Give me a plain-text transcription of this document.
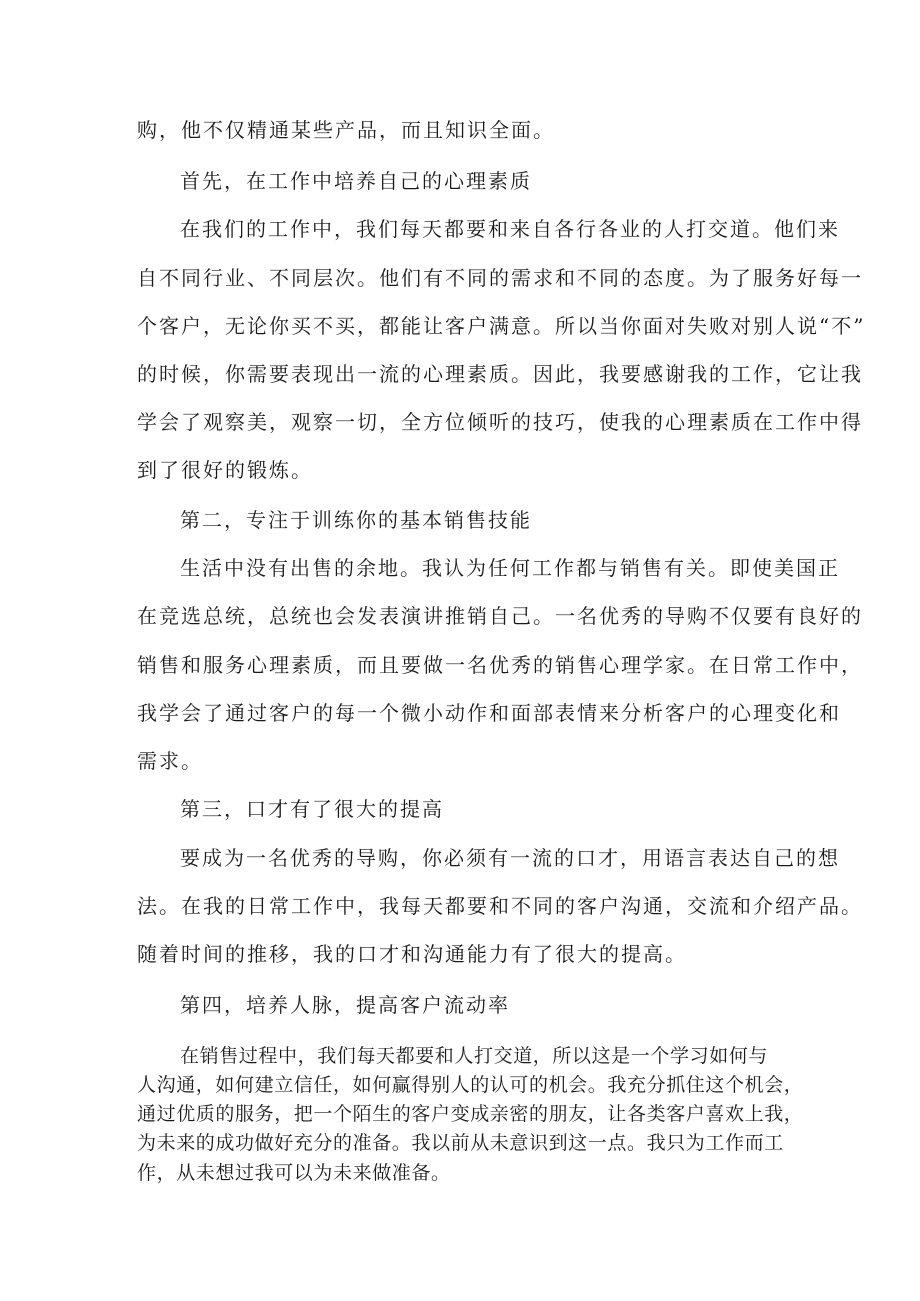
购，他不仅精通某些产品，而且知识全面。
首先，在工作中培养自己的心理素质
在我们的工作中，我们每天都要和来自各行各业的人打交道。他们来
自不同行业、不同层次。他们有不同的需求和不同的态度。为了服务好每一
个客户，无论你买不买，都能让客户满意。所以当你面对失败对别人说“不”
的时候，你需要表现出一流的心理素质。因此，我要感谢我的工作，它让我
学会了观察美，观察一切，全方位倾听的技巧，使我的心理素质在工作中得
到了很好的锻炼。
第二，专注于训练你的基本销售技能
生活中没有出售的余地。我认为任何工作都与销售有关。即使美国正
在竞选总统，总统也会发表演讲推销自己。一名优秀的导购不仅要有良好的
销售和服务心理素质，而且要做一名优秀的销售心理学家。在日常工作中，
我学会了通过客户的每一个微小动作和面部表情来分析客户的心理变化和
需求。
第三，口才有了很大的提高
要成为一名优秀的导购，你必须有一流的口才，用语言表达自己的想
法。在我的日常工作中，我每天都要和不同的客户沟通，交流和介绍产品。
随着时间的推移，我的口才和沟通能力有了很大的提高。
第四，培养人脉，提高客户流动率
在销售过程中，我们每天都要和人打交道，所以这是一个学习如何与
人沟通，如何建立信任，如何赢得别人的认可的机会。我充分抓住这个机会，
通过优质的服务，把一个陌生的客户变成亲密的朋友，让各类客户喜欢上我，
为未来的成功做好充分的准备。我以前从未意识到这一点。我只为工作而工
作，从未想过我可以为未来做准备。
